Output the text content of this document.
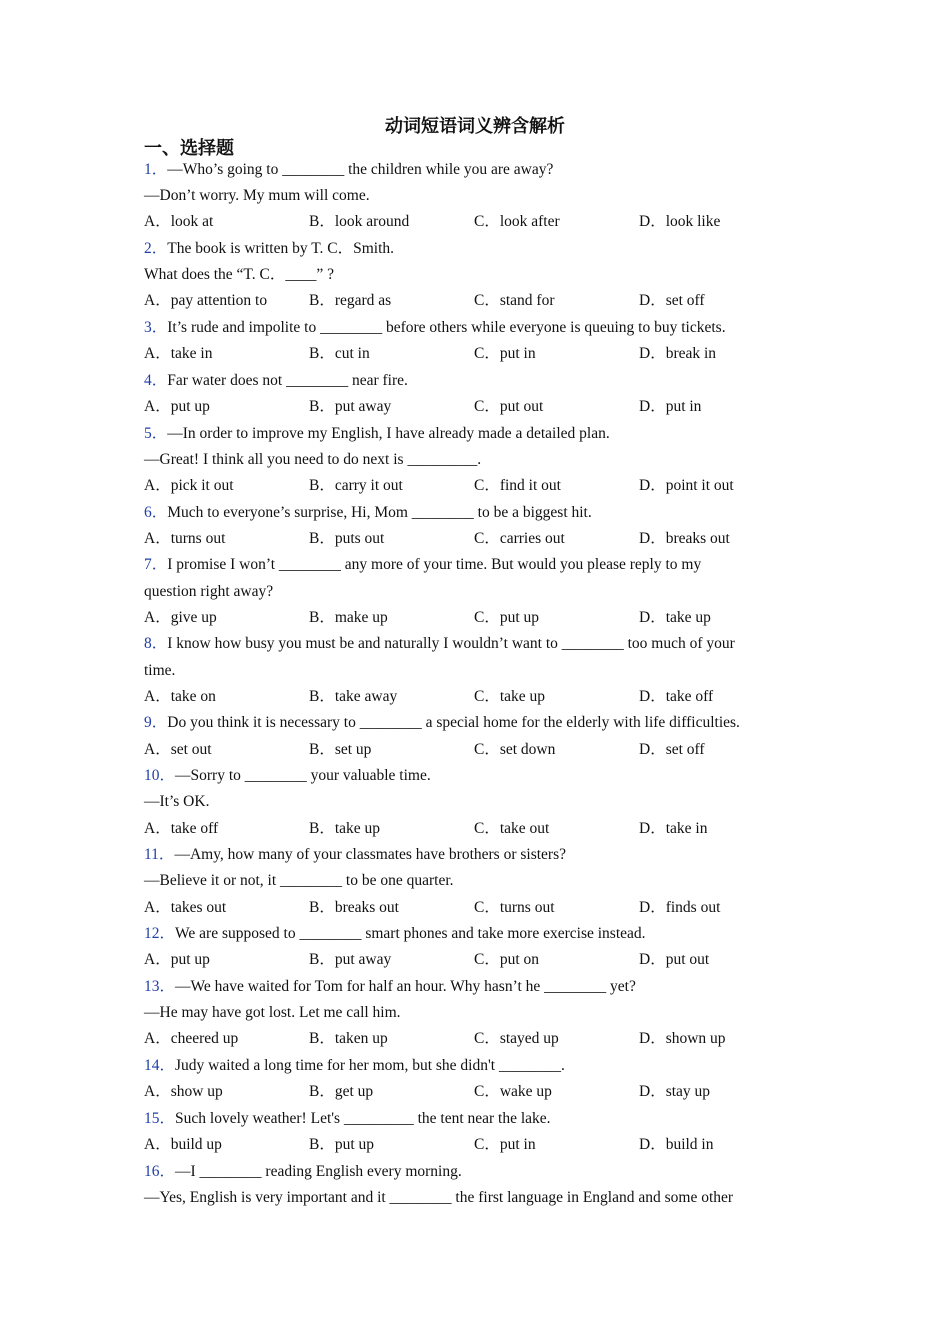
动词短语词义辨含解析
一、选择题
1．—Who’s going to ________ the children while you are away?
—Don’t worry. My mum will come.
A．look at	B．look around	C．look after	D．look like
2．The book is written by T. C．Smith.
What does the “T. C．____” ?
A．pay attention to	B．regard as	C．stand for	D．set off
3．It’s rude and impolite to ________ before others while everyone is queuing to buy tickets.
A．take in	B．cut in	C．put in	D．break in
4．Far water does not ________ near fire.
A．put up	B．put away	C．put out	D．put in
5．—In order to improve my English, I have already made a detailed plan.
—Great! I think all you need to do next is _________.
A．pick it out	B．carry it out	C．find it out	D．point it out
6．Much to everyone’s surprise, Hi, Mom ________ to be a biggest hit.
A．turns out	B．puts out	C．carries out	D．breaks out
7．I promise I won’t ________ any more of your time. But would you please reply to my
question right away?
A．give up	B．make up	C．put up	D．take up
8．I know how busy you must be and naturally I wouldn’t want to ________ too much of your
time.
A．take on	B．take away	C．take up	D．take off
9．Do you think it is necessary to ________ a special home for the elderly with life difficulties.
A．set out	B．set up	C．set down	D．set off
10．—Sorry to ________ your valuable time.
—It’s OK.
A．take off	B．take up	C．take out	D．take in
11．—Amy, how many of your classmates have brothers or sisters?
—Believe it or not, it ________ to be one quarter.
A．takes out	B．breaks out	C．turns out	D．finds out
12．We are supposed to ________ smart phones and take more exercise instead.
A．put up	B．put away	C．put on	D．put out
13．—We have waited for Tom for half an hour. Why hasn’t he ________ yet?
—He may have got lost. Let me call him.
A．cheered up	B．taken up	C．stayed up	D．shown up
14．Judy waited a long time for her mom, but she didn't ________.
A．show up	B．get up	C．wake up	D．stay up
15．Such lovely weather! Let's _________ the tent near the lake.
A．build up	B．put up	C．put in	D．build in
16．—I ________ reading English every morning.
—Yes, English is very important and it ________ the first language in England and some other
